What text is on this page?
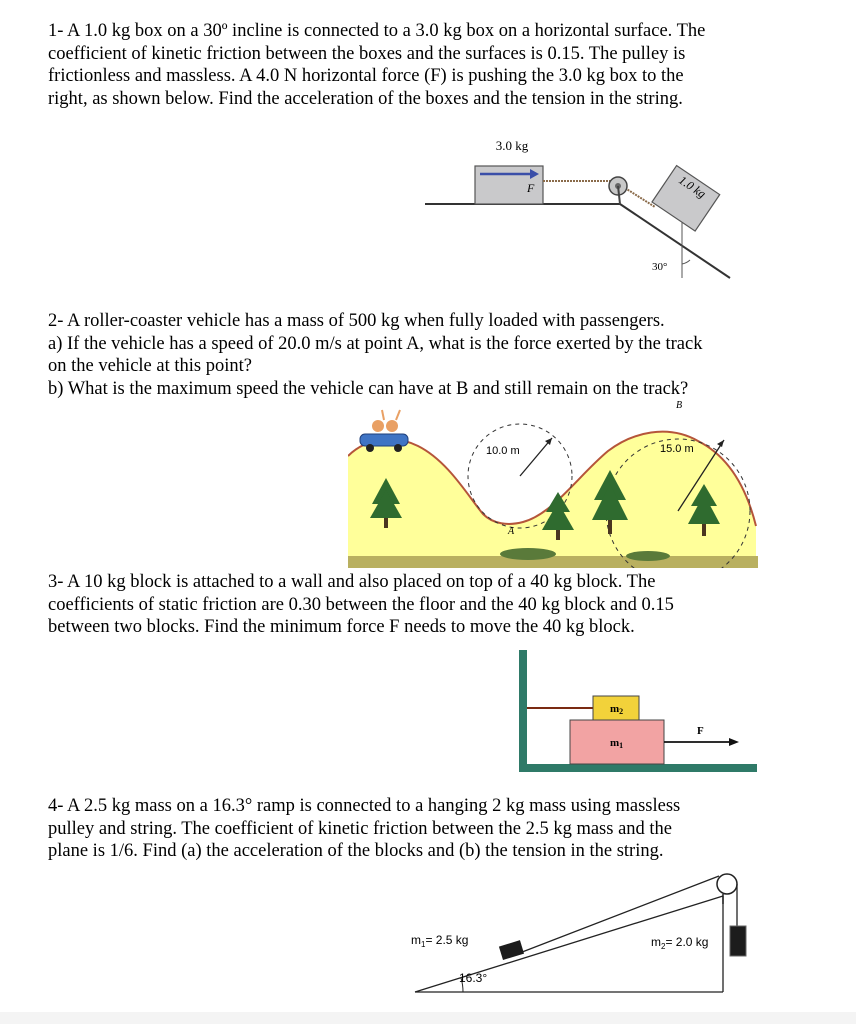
1- A 1.0 kg box on a 30º incline is connected to a 3.0 kg box on a horizontal surface. The
coefficient of kinetic friction between the boxes and the surfaces is 0.15. The pulley is
frictionless and massless. A 4.0 N horizontal force (F) is pushing the 3.0 kg box to the
right, as shown below. Find the acceleration of the boxes and the tension in the string.
3.0 kg
F	1.0 kg
30°
2- A roller-coaster vehicle has a mass of 500 kg when fully loaded with passengers.
a) If the vehicle has a speed of 20.0 m/s at point A, what is the force exerted by the track
on the vehicle at this point?
b) What is the maximum speed the vehicle can have at B and still remain on the track?
10.0 m	15.0 m
A
B
3- A 10 kg block is attached to a wall and also placed on top of a 40 kg block. The
coefficients of static friction are 0.30 between the floor and the 40 kg block and 0.15
between two blocks. Find the minimum force F needs to move the 40 kg block.
m2
m1
F
4- A 2.5 kg mass on a 16.3° ramp is connected to a hanging 2 kg mass using massless
pulley and string. The coefficient of kinetic friction between the 2.5 kg mass and the
plane is 1/6. Find (a) the acceleration of the blocks and (b) the tension in the string.
$m_1= 2.5$ kg	$m_2= 2.0$ kg
16.3°
